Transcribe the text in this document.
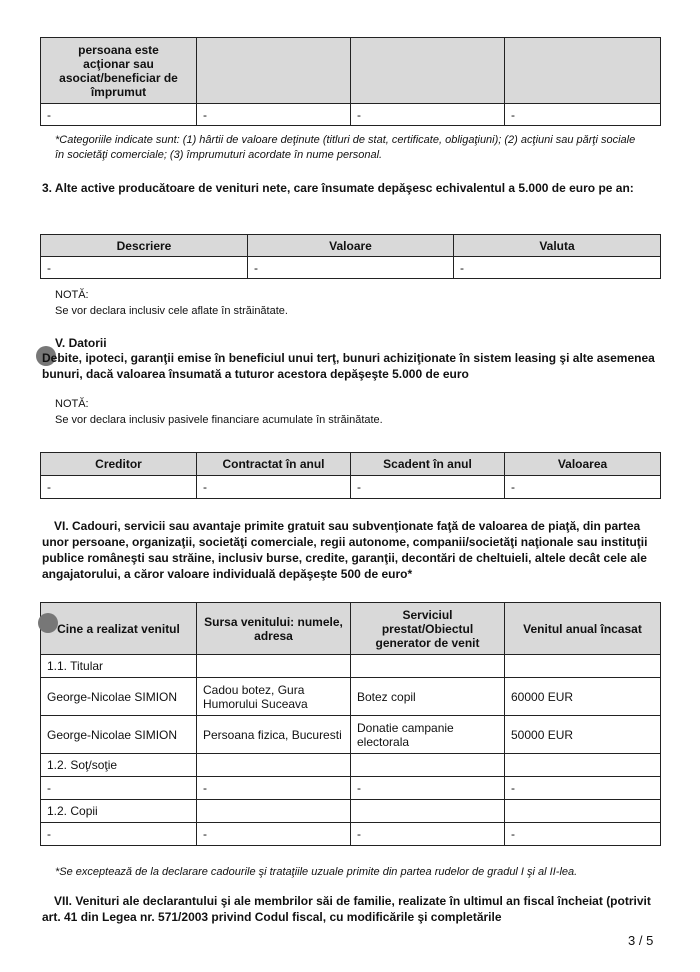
persoana este acţionar sau asociat/beneficiar de împrumut			
-	-	-	-
*Categoriile indicate sunt: (1) hârtii de valoare deţinute (titluri de stat, certificate, obligaţiuni); (2) acţiuni sau părţi sociale în societăţi comerciale; (3) împrumuturi acordate în nume personal.
3. Alte active producătoare de venituri nete, care însumate depăşesc echivalentul a 5.000 de euro pe an:
Descriere	Valoare	Valuta
-	-	-
NOTĂ:
Se vor declara inclusiv cele aflate în străinătate.
V. Datorii
Debite, ipoteci, garanţii emise în beneficiul unui terţ, bunuri achiziţionate în sistem leasing şi alte asemenea bunuri, dacă valoarea însumată a tuturor acestora depăşeşte 5.000 de euro
NOTĂ:
Se vor declara inclusiv pasivele financiare acumulate în străinătate.
Creditor	Contractat în anul	Scadent în anul	Valoarea
-	-	-	-
VI. Cadouri, servicii sau avantaje primite gratuit sau subvenţionate faţă de valoarea de piaţă, din partea unor persoane, organizaţii, societăţi comerciale, regii autonome, companii/societăţi naţionale sau instituţii publice româneşti sau străine, inclusiv burse, credite, garanţii, decontări de cheltuieli, altele decât cele ale angajatorului, a căror valoare individuală depăşeşte 500 de euro*
Cine a realizat venitul	Sursa venitului: numele, adresa	Serviciul prestat/Obiectul generator de venit	Venitul anual încasat
1.1. Titular			
George-Nicolae SIMION	Cadou botez, Gura Humorului Suceava	Botez copil	60000 EUR
George-Nicolae SIMION	Persoana fizica, Bucuresti	Donatie campanie electorala	50000 EUR
1.2. Soţ/soţie			
-	-	-	-
1.2. Copii			
-	-	-	-
*Se exceptează de la declarare cadourile şi trataţiile uzuale primite din partea rudelor de gradul I şi al II-lea.
VII. Venituri ale declarantului şi ale membrilor săi de familie, realizate în ultimul an fiscal încheiat (potrivit art. 41 din Legea nr. 571/2003 privind Codul fiscal, cu modificările şi completările
3 / 5
